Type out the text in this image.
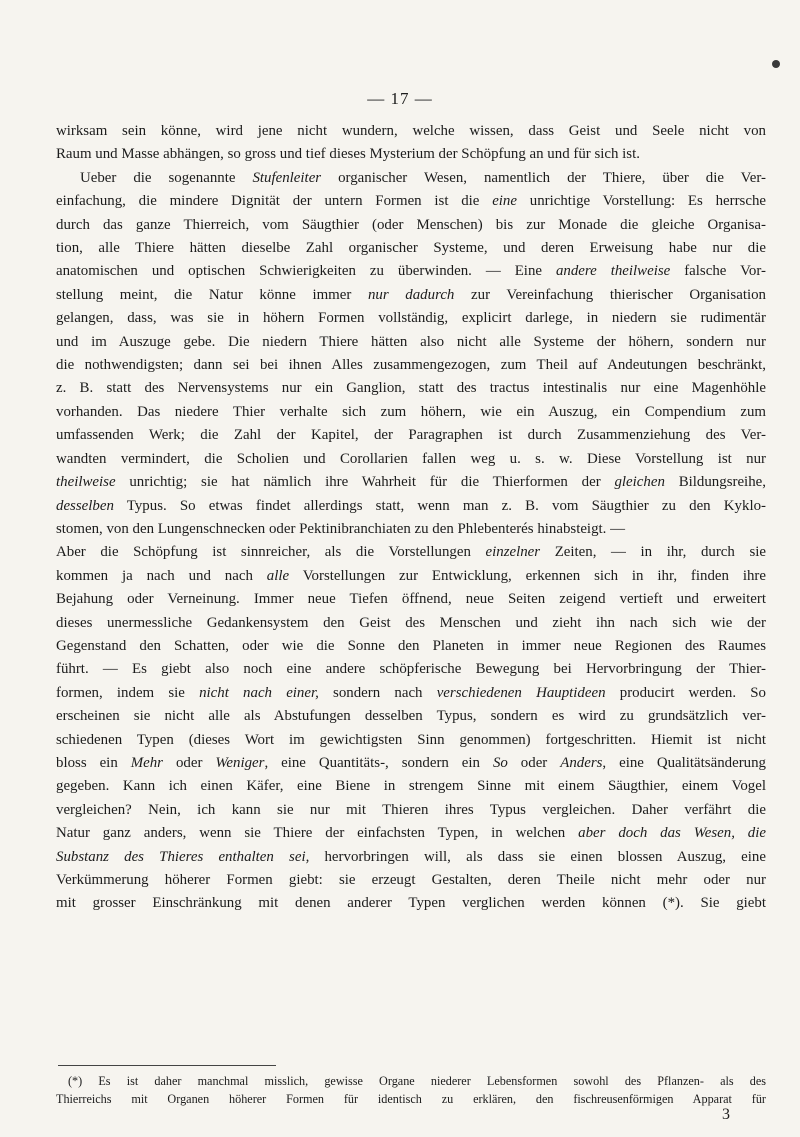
— 17 —
wirksam sein könne, wird jene nicht wundern, welche wissen, dass Geist und Seele nicht von
Raum und Masse abhängen, so gross und tief dieses Mysterium der Schöpfung an und für sich ist.
Ueber die sogenannte Stufenleiter organischer Wesen, namentlich der Thiere, über die Ver-
einfachung, die mindere Dignität der untern Formen ist die eine unrichtige Vorstellung: Es herrsche
durch das ganze Thierreich, vom Säugthier (oder Menschen) bis zur Monade die gleiche Organisa-
tion, alle Thiere hätten dieselbe Zahl organischer Systeme, und deren Erweisung habe nur die
anatomischen und optischen Schwierigkeiten zu überwinden. — Eine andere theilweise falsche Vor-
stellung meint, die Natur könne immer nur dadurch zur Vereinfachung thierischer Organisation
gelangen, dass, was sie in höhern Formen vollständig, explicirt darlege, in niedern sie rudimentär
und im Auszuge gebe. Die niedern Thiere hätten also nicht alle Systeme der höhern, sondern nur
die nothwendigsten; dann sei bei ihnen Alles zusammengezogen, zum Theil auf Andeutungen beschränkt,
z. B. statt des Nervensystems nur ein Ganglion, statt des tractus intestinalis nur eine Magenhöhle
vorhanden. Das niedere Thier verhalte sich zum höhern, wie ein Auszug, ein Compendium zum
umfassenden Werk; die Zahl der Kapitel, der Paragraphen ist durch Zusammenziehung des Ver-
wandten vermindert, die Scholien und Corollarien fallen weg u. s. w. Diese Vorstellung ist nur
theilweise unrichtig; sie hat nämlich ihre Wahrheit für die Thierformen der gleichen Bildungsreihe,
desselben Typus. So etwas findet allerdings statt, wenn man z. B. vom Säugthier zu den Kyklo-
stomen, von den Lungenschnecken oder Pektinibranchiaten zu den Phlebenterés hinabsteigt. —
Aber die Schöpfung ist sinnreicher, als die Vorstellungen einzelner Zeiten, — in ihr, durch sie
kommen ja nach und nach alle Vorstellungen zur Entwicklung, erkennen sich in ihr, finden ihre
Bejahung oder Verneinung. Immer neue Tiefen öffnend, neue Seiten zeigend vertieft und erweitert
dieses unermessliche Gedankensystem den Geist des Menschen und zieht ihn nach sich wie der
Gegenstand den Schatten, oder wie die Sonne den Planeten in immer neue Regionen des Raumes
führt. — Es giebt also noch eine andere schöpferische Bewegung bei Hervorbringung der Thier-
formen, indem sie nicht nach einer, sondern nach verschiedenen Hauptideen producirt werden. So
erscheinen sie nicht alle als Abstufungen desselben Typus, sondern es wird zu grundsätzlich ver-
schiedenen Typen (dieses Wort im gewichtigsten Sinn genommen) fortgeschritten. Hiemit ist nicht
bloss ein Mehr oder Weniger, eine Quantitäts-, sondern ein So oder Anders, eine Qualitätsänderung
gegeben. Kann ich einen Käfer, eine Biene in strengem Sinne mit einem Säugthier, einem Vogel
vergleichen? Nein, ich kann sie nur mit Thieren ihres Typus vergleichen. Daher verfährt die
Natur ganz anders, wenn sie Thiere der einfachsten Typen, in welchen aber doch das Wesen, die
Substanz des Thieres enthalten sei, hervorbringen will, als dass sie einen blossen Auszug, eine
Verkümmerung höherer Formen giebt: sie erzeugt Gestalten, deren Theile nicht mehr oder nur
mit grosser Einschränkung mit denen anderer Typen verglichen werden können (*). Sie giebt
(*) Es ist daher manchmal misslich, gewisse Organe niederer Lebensformen sowohl des Pflanzen- als des
Thierreichs mit Organen höherer Formen für identisch zu erklären, den fischreusenförmigen Apparat für
3
